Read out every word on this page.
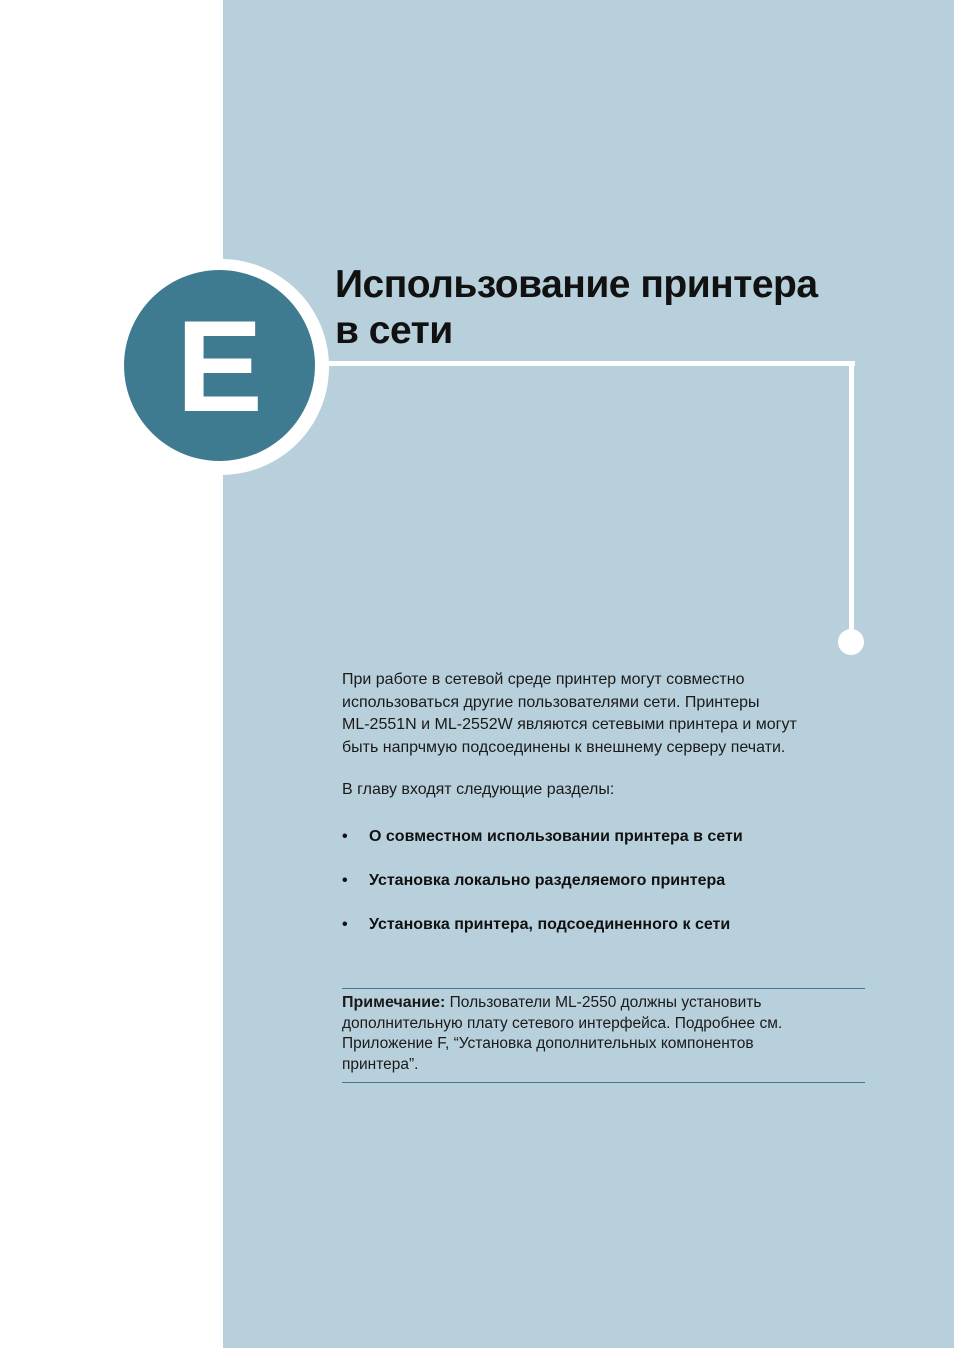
E
Использование принтера
в сети
При работе в сетевой среде принтер могут совместно
использоваться другие пользователями сети. Принтеры
ML-2551N и ML-2552W являются сетевыми принтера и могут
быть напрчмую подсоединены к внешнему серверу печати.

В главу входят следующие разделы:

• О совместном использовании принтера в сети
• Установка локально разделяемого принтера
• Установка принтера, подсоединенного к сети

Примечание: Пользователи ML-2550 должны установить
дополнительную плату сетевого интерфейса. Подробнее см.
Приложение F, “Установка дополнительных компонентов
принтера”.
